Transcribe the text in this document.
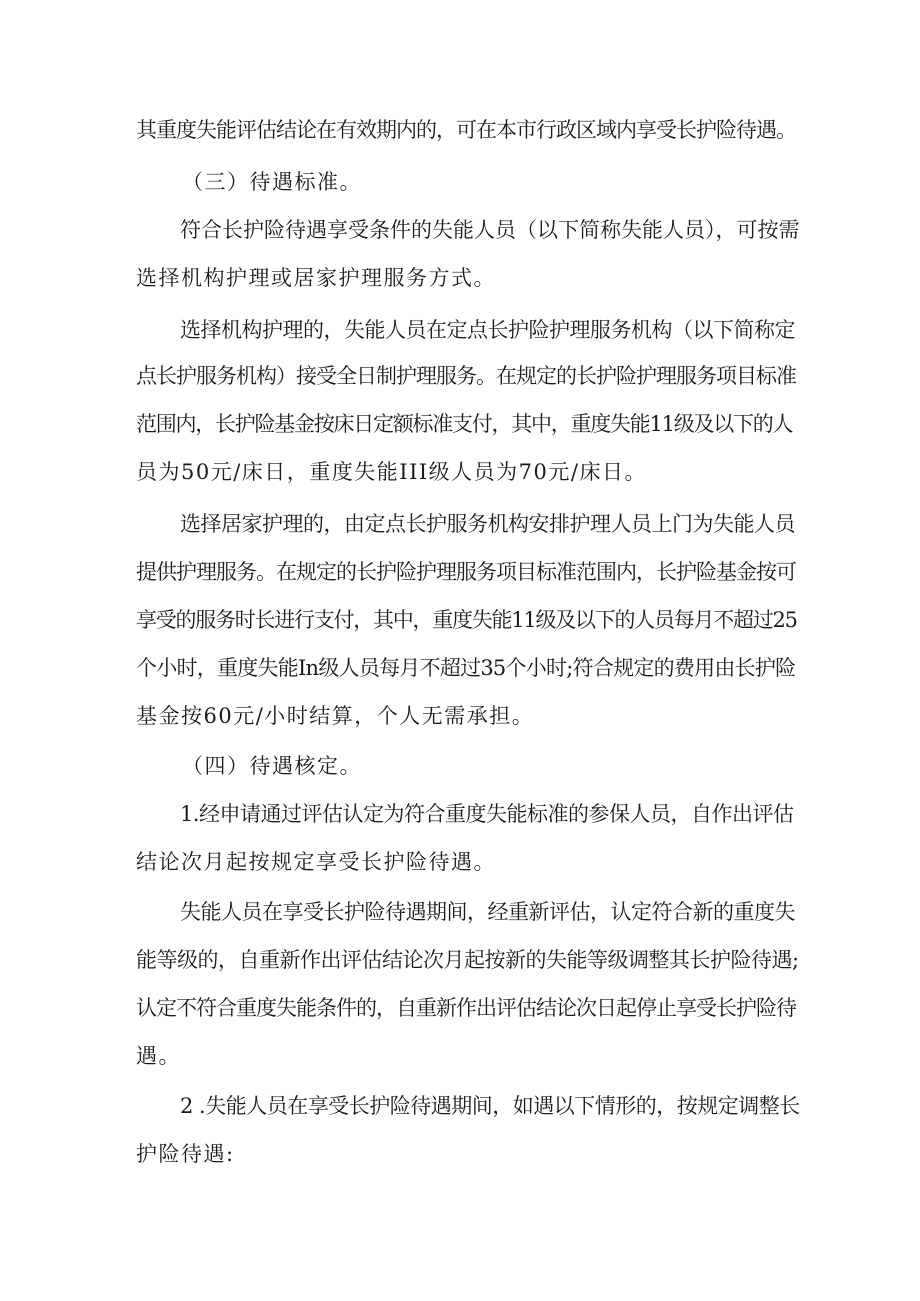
其重度失能评估结论在有效期内的，可在本市行政区域内享受长护险待遇。
（三）待遇标准。
符合长护险待遇享受条件的失能人员（以下简称失能人员），可按需
选择机构护理或居家护理服务方式。
选择机构护理的，失能人员在定点长护险护理服务机构（以下简称定
点长护服务机构）接受全日制护理服务。在规定的长护险护理服务项目标准
范围内，长护险基金按床日定额标准支付，其中，重度失能11级及以下的人
员为50元/床日，重度失能III级人员为70元/床日。
选择居家护理的，由定点长护服务机构安排护理人员上门为失能人员
提供护理服务。在规定的长护险护理服务项目标准范围内，长护险基金按可
享受的服务时长进行支付，其中，重度失能11级及以下的人员每月不超过25
个小时，重度失能In级人员每月不超过35个小时;符合规定的费用由长护险
基金按60元/小时结算，个人无需承担。
（四）待遇核定。
1.经申请通过评估认定为符合重度失能标准的参保人员，自作出评估
结论次月起按规定享受长护险待遇。
失能人员在享受长护险待遇期间，经重新评估，认定符合新的重度失
能等级的，自重新作出评估结论次月起按新的失能等级调整其长护险待遇;
认定不符合重度失能条件的，自重新作出评估结论次日起停止享受长护险待
遇。
2 .失能人员在享受长护险待遇期间，如遇以下情形的，按规定调整长
护险待遇:
